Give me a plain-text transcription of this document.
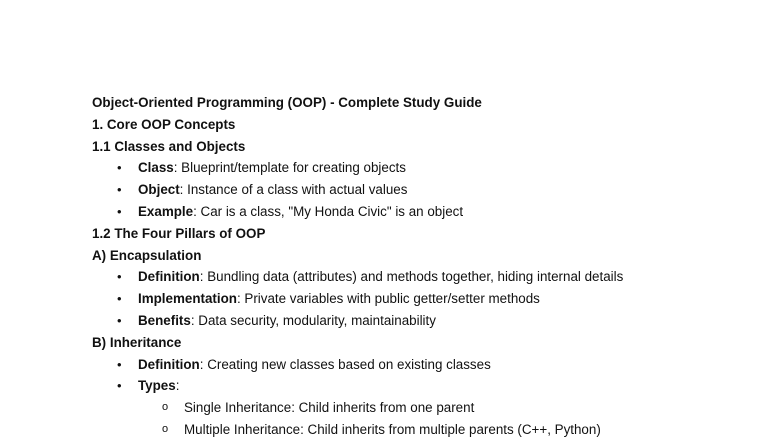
Object-Oriented Programming (OOP) - Complete Study Guide
1. Core OOP Concepts
1.1 Classes and Objects
• Class: Blueprint/template for creating objects
• Object: Instance of a class with actual values
• Example: Car is a class, "My Honda Civic" is an object
1.2 The Four Pillars of OOP
A) Encapsulation
• Definition: Bundling data (attributes) and methods together, hiding internal details
• Implementation: Private variables with public getter/setter methods
• Benefits: Data security, modularity, maintainability
B) Inheritance
• Definition: Creating new classes based on existing classes
• Types:
o Single Inheritance: Child inherits from one parent
o Multiple Inheritance: Child inherits from multiple parents (C++, Python)
